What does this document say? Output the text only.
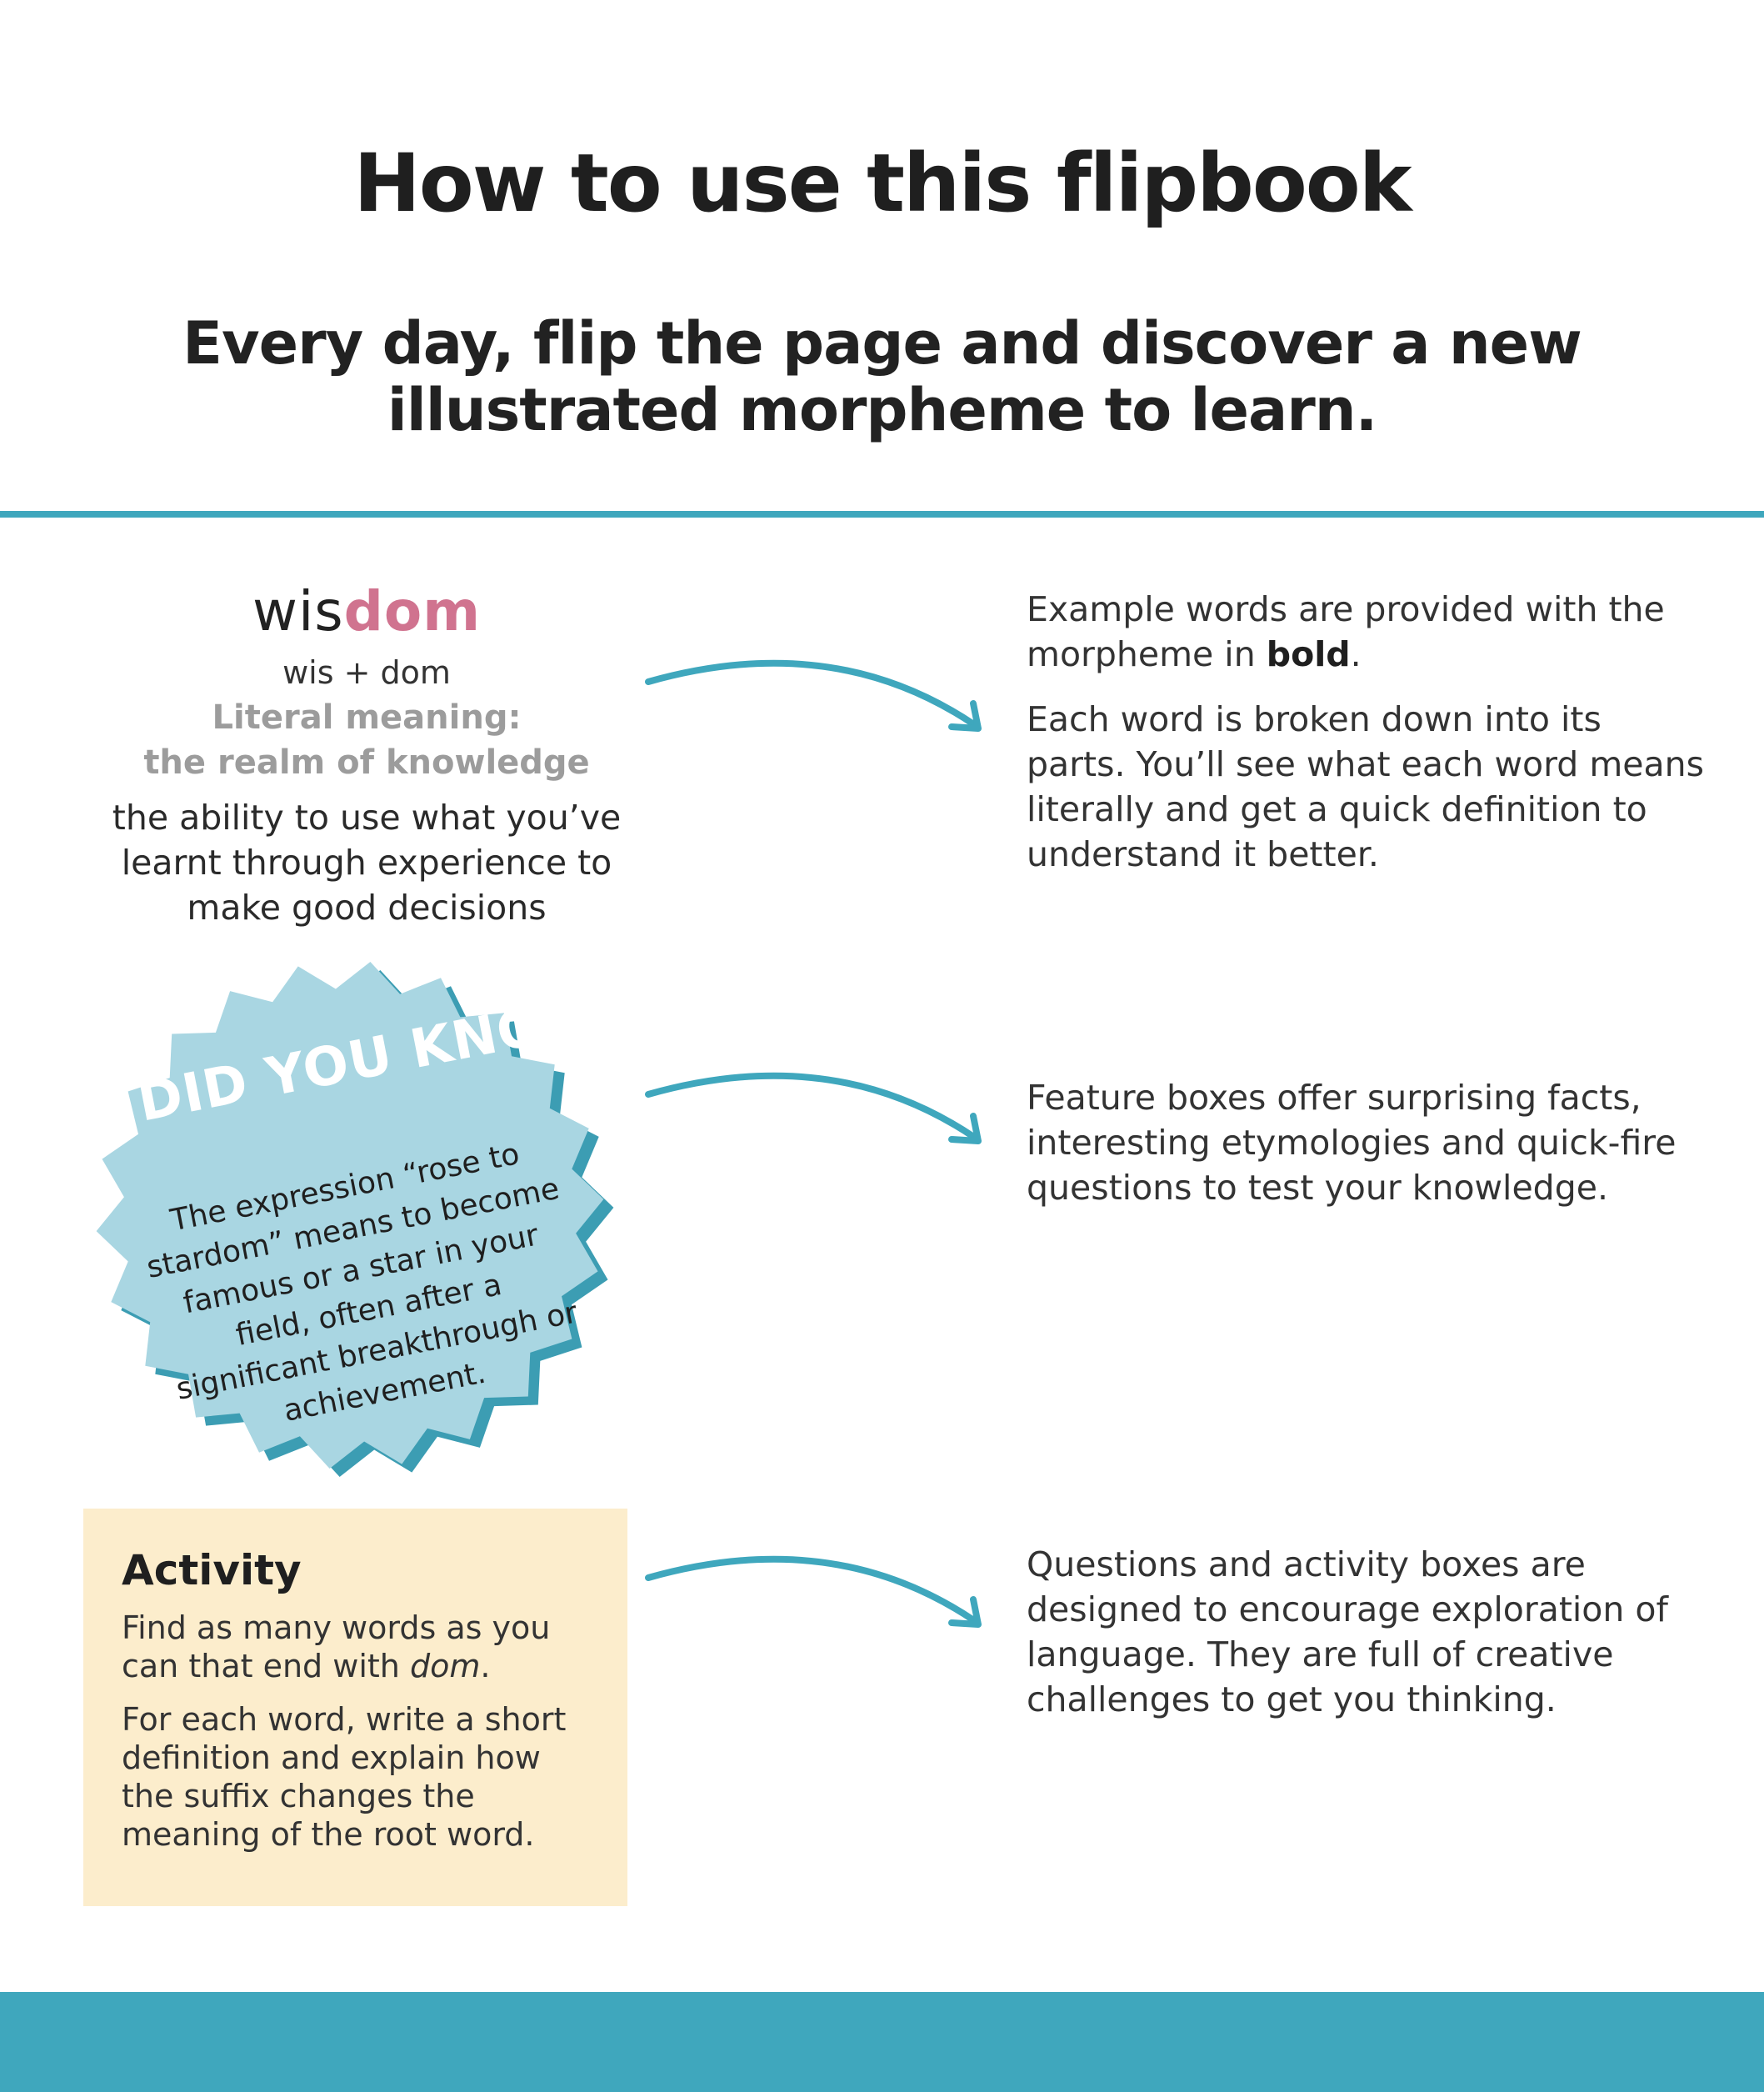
How to use this flipbook

Every day, flip the page and discover a new illustrated morpheme to learn.

wisdom
wis + dom
Literal meaning:
the realm of knowledge
the ability to use what you’ve learnt through experience to make good decisions

Example words are provided with the morpheme in bold.

Each word is broken down into its parts. You’ll see what each word means literally and get a quick definition to understand it better.

DID YOU KNOW?
The expression “rose to stardom” means to become famous or a star in your field, often after a significant breakthrough or achievement.

Feature boxes offer surprising facts, interesting etymologies and quick-fire questions to test your knowledge.

Activity

Find as many words as you can that end with dom.

For each word, write a short definition and explain how the suffix changes the meaning of the root word.

Questions and activity boxes are designed to encourage exploration of language. They are full of creative challenges to get you thinking.
